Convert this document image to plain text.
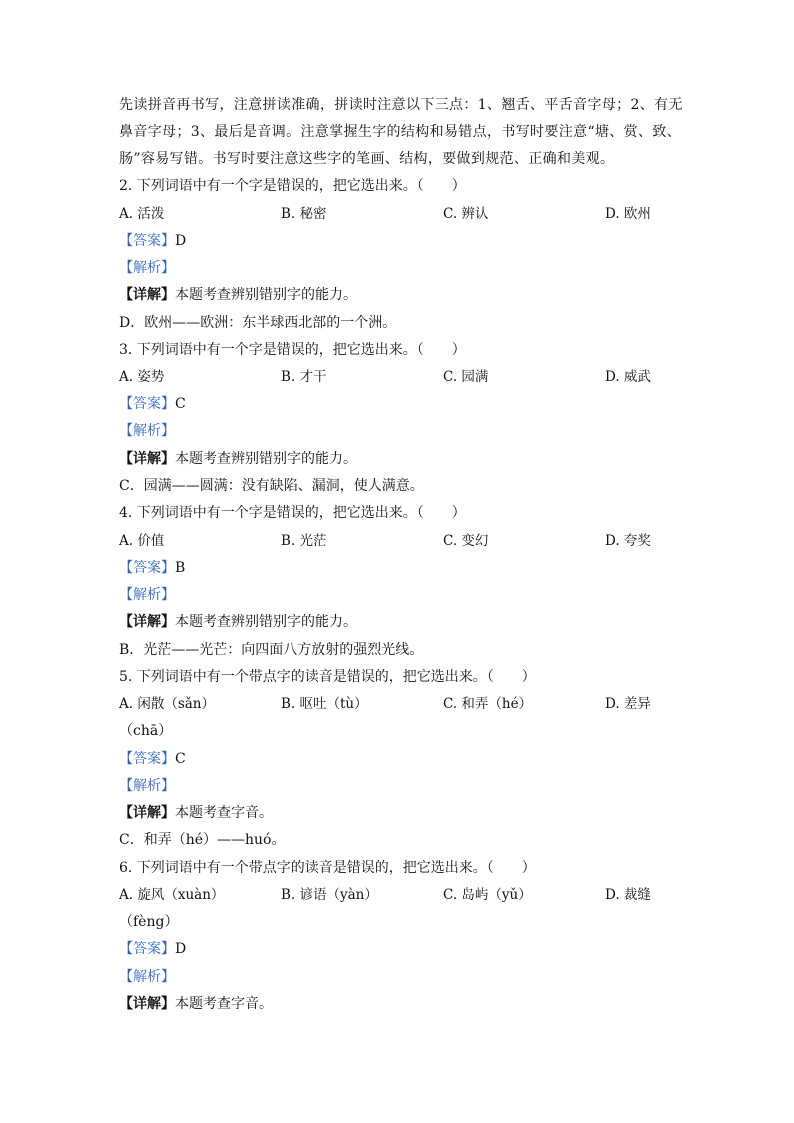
先读拼音再书写，注意拼读准确，拼读时注意以下三点：1、翘舌、平舌音字母；2、有无
鼻音字母；3、最后是音调。注意掌握生字的结构和易错点，书写时要注意“塘、赏、致、
肠”容易写错。书写时要注意这些字的笔画、结构，要做到规范、正确和美观。
2. 下列词语中有一个字是错误的，把它选出来。（　　）
A. 活泼	B. 秘密	C. 辨认	D. 欧州
【答案】D
【解析】
【详解】本题考查辨别错别字的能力。
D．欧州——欧洲：东半球西北部的一个洲。
3. 下列词语中有一个字是错误的，把它选出来。（　　）
A. 姿势	B. 才干	C. 园满	D. 威武
【答案】C
【解析】
【详解】本题考查辨别错别字的能力。
C．园满——圆满：没有缺陷、漏洞，使人满意。
4. 下列词语中有一个字是错误的，把它选出来。（　　）
A. 价值	B. 光茫	C. 变幻	D. 夸奖
【答案】B
【解析】
【详解】本题考查辨别错别字的能力。
B．光茫——光芒：向四面八方放射的强烈光线。
5. 下列词语中有一个带点字的读音是错误的，把它选出来。（　　）
A. 闲散（sǎn）	B. 呕吐（tù）	C. 和弄（hé）	D. 差异
（chā）
【答案】C
【解析】
【详解】本题考查字音。
C．和弄（hé）——huó。
6. 下列词语中有一个带点字的读音是错误的，把它选出来。（　　）
A. 旋风（xuàn）	B. 谚语（yàn）	C. 岛屿（yǔ）	D. 裁缝
（fèng）
【答案】D
【解析】
【详解】本题考查字音。
